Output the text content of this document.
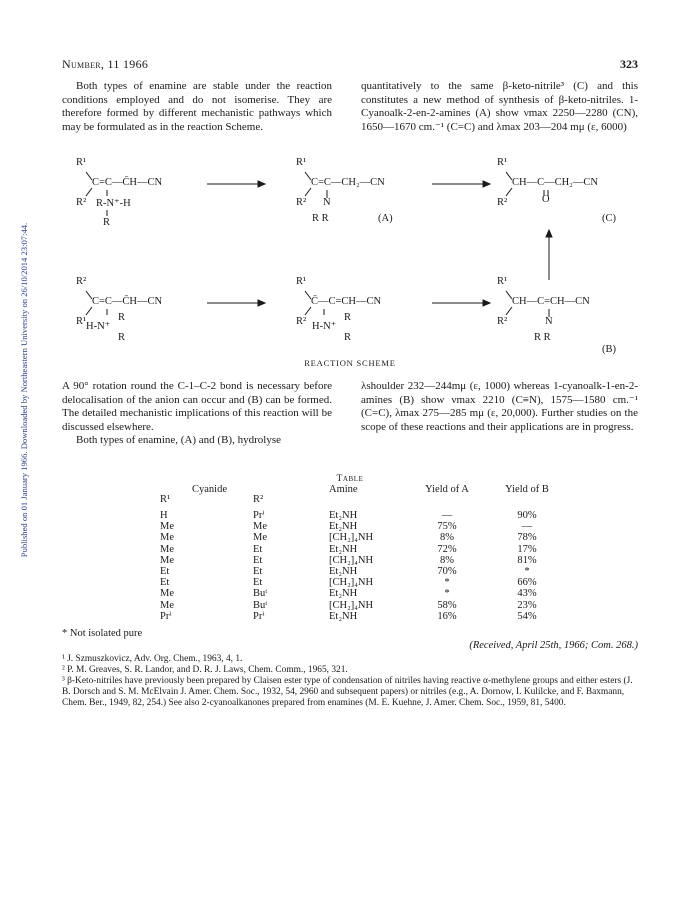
Published on 01 January 1966. Downloaded by Northeastern University on 26/10/2014 23:07:44.
Number, 11 1966	323

Both types of enamine are stable under the reaction conditions employed and do not isomerise. They are therefore formed by different mechanistic pathways which may be formulated as in the reaction Scheme.

quantitatively to the same β-keto-nitrile³ (C) and this constitutes a new method of synthesis of β-keto-nitriles. 1-Cyanoalk-2-en-2-amines (A) show νmax 2250—2280 (CN), 1650—1670 cm.⁻¹ (C=C) and λmax 203—204 mμ (ε, 6000)

R¹
C=C—C̄H—CN
R² R-N⁺-H
R
R¹
C=C—CH₂—CN
R² N
R R	(A)
R¹
CH—C—CH₂—CN
R²	O
(C)
R²
C=C—C̄H—CN
R¹ H-N⁺
R
R
R¹
C̄—C=CH—CN
R² H-N⁺
R
R
R¹
CH—C=CH—CN
R²	N
R R
(B)
REACTION SCHEME

A 90° rotation round the C-1–C-2 bond is necessary before delocalisation of the anion can occur and (B) can be formed. The detailed mechanistic implications of this reaction will be discussed elsewhere.

Both types of enamine, (A) and (B), hydrolyse

λshoulder 232—244mμ (ε, 1000) whereas 1-cyanoalk-1-en-2-amines (B) show νmax 2210 (C≡N), 1575—1580 cm.⁻¹ (C=C), λmax 275—285 mμ (ε, 20,000). Further studies on the scope of these reactions and their applications are in progress.

Table
Cyanide
R¹	R²
Amine	Yield of A	Yield of B
H	Prⁱ	Et₂NH	—	90%
Me	Me	Et₂NH	75%	—
Me	Me	[CH₂]₄NH	8%	78%
Me	Et	Et₂NH	72%	17%
Me	Et	[CH₂]₄NH	8%	81%
Et	Et	Et₂NH	70%	*
Et	Et	[CH₂]₄NH	*	66%
Me	Buᵗ	Et₂NH	*	43%
Me	Buᵗ	[CH₂]₄NH	58%	23%
Prⁱ	Prⁱ	Et₂NH	16%	54%
* Not isolated pure
(Received, April 25th, 1966; Com. 268.)

¹ J. Szmuszkovicz, Adv. Org. Chem., 1963, 4, 1.

² P. M. Greaves, S. R. Landor, and D. R. J. Laws, Chem. Comm., 1965, 321.

³ β-Keto-nitriles have previously been prepared by Claisen ester type of condensation of nitriles having reactive α-methylene groups and either esters (J. B. Dorsch and S. M. McElvain J. Amer. Chem. Soc., 1932, 54, 2960 and subsequent papers) or nitriles (e.g., A. Dornow, I. Kulilcke, and F. Baxmann, Chem. Ber., 1949, 82, 254.) See also 2-cyanoalkanones prepared from enamines (M. E. Kuehne, J. Amer. Chem. Soc., 1959, 81, 5400.
